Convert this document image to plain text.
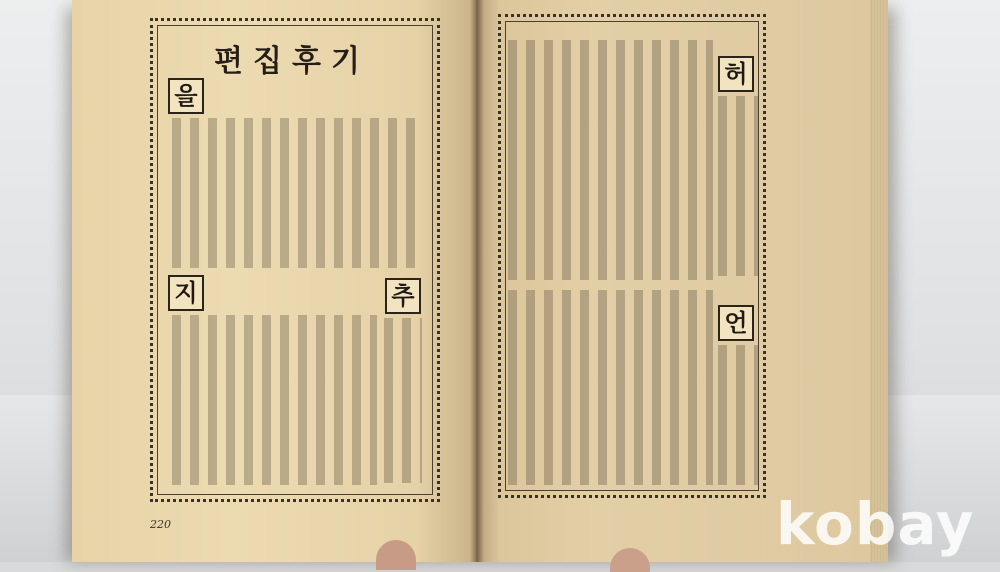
편집후기
을
지	추
허
언
220	kobay
